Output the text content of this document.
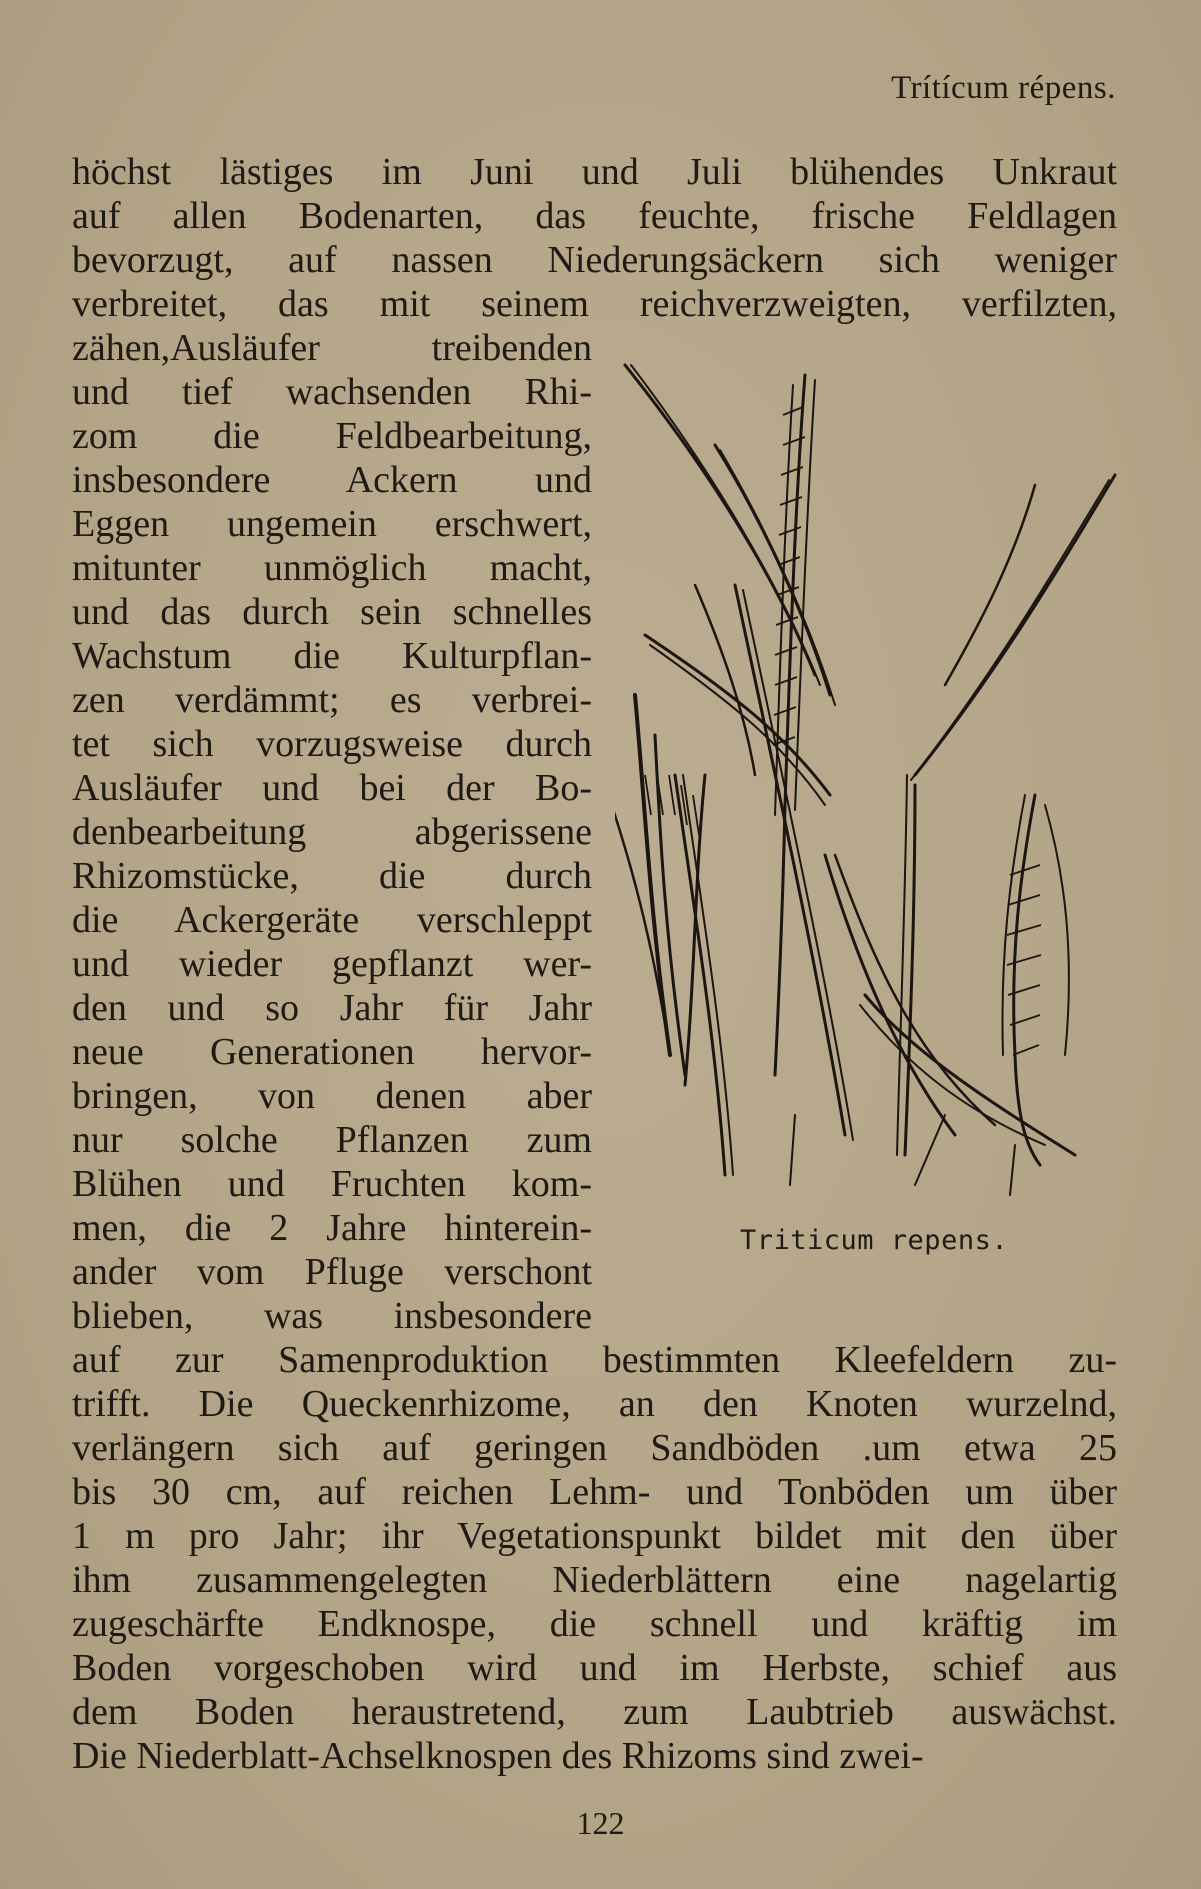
Trítícum répens.
höchst lästiges im Juni und Juli blühendes Unkraut
auf allen Bodenarten, das feuchte, frische Feldlagen
bevorzugt, auf nassen Niederungsäckern sich weniger
verbreitet, das mit seinem reichverzweigten, verfilzten,
zähen,Ausläufer treibenden
und tief wachsenden Rhi-
zom die Feldbearbeitung,
insbesondere Ackern und
Eggen ungemein erschwert,
mitunter unmöglich macht,
und das durch sein schnelles
Wachstum die Kulturpflan-
zen verdämmt; es verbrei-
tet sich vorzugsweise durch
Ausläufer und bei der Bo-
denbearbeitung abgerissene
Rhizomstücke, die durch
die Ackergeräte verschleppt
und wieder gepflanzt wer-
den und so Jahr für Jahr
neue Generationen hervor-
bringen, von denen aber
nur solche Pflanzen zum
Blühen und Fruchten kom-
men, die 2 Jahre hinterein-
ander vom Pfluge verschont
blieben, was insbesondere
auf zur Samenproduktion bestimmten Kleefeldern zu-
trifft. Die Queckenrhizome, an den Knoten wurzelnd,
verlängern sich auf geringen Sandböden .um etwa 25
bis 30 cm, auf reichen Lehm- und Tonböden um über
1 m pro Jahr; ihr Vegetationspunkt bildet mit den über
ihm zusammengelegten Niederblättern eine nagelartig
zugeschärfte Endknospe, die schnell und kräftig im
Boden vorgeschoben wird und im Herbste, schief aus
dem Boden heraustretend, zum Laubtrieb auswächst.
Die Niederblatt-Achselknospen des Rhizoms sind zwei-
Triticum repens.
122
